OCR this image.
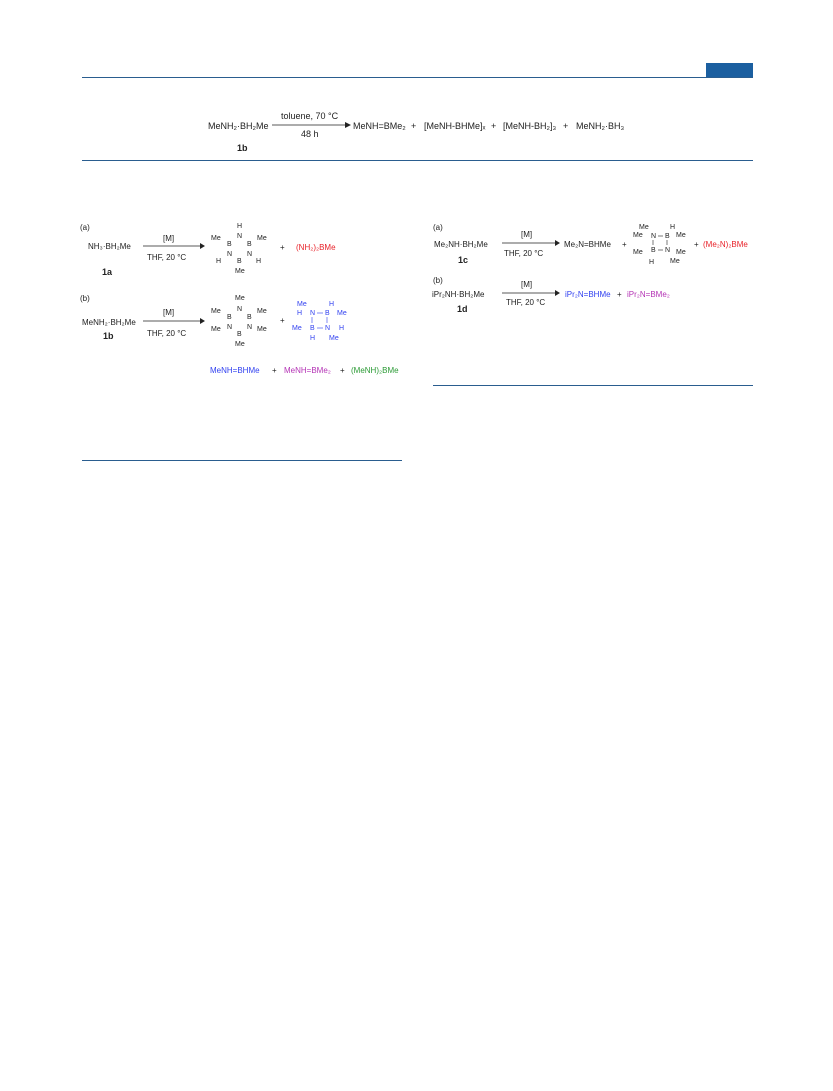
MeNH₂·BH₂Me
1b
toluene, 70 °C
48 h
MeNH=BMe₂ + [MeNH-BHMe]ₓ + [MeNH-BH₂]₃ + MeNH₂·BH₃
(a)
NH₃·BH₂Me
1a
[M]
THF, 20 °C
H
N
Me
B B
Me
N N
H B H
Me
+ (NH₂)₂BMe
(b)
MeNH₂·BH₂Me
1b
[M]
THF, 20 °C
Me
Me N
B
Me
B
Me N N
B
Me
Me
+
Me	H
H N B Me
Me B N H
H Me
MeNH=BHMe + MeNH=BMe₂ + (MeNH)₂BMe
(a)
Me₂NH·BH₂Me
1c
[M]
THF, 20 °C
Me₂N=BHMe +
Me	H
Me N B Me
Me B N Me
H Me
+ (Me₂N)₂BMe
(b)
iPr₂NH·BH₂Me
1d
[M]
THF, 20 °C
iPr₂N=BHMe + iPr₂N=BMe₂
